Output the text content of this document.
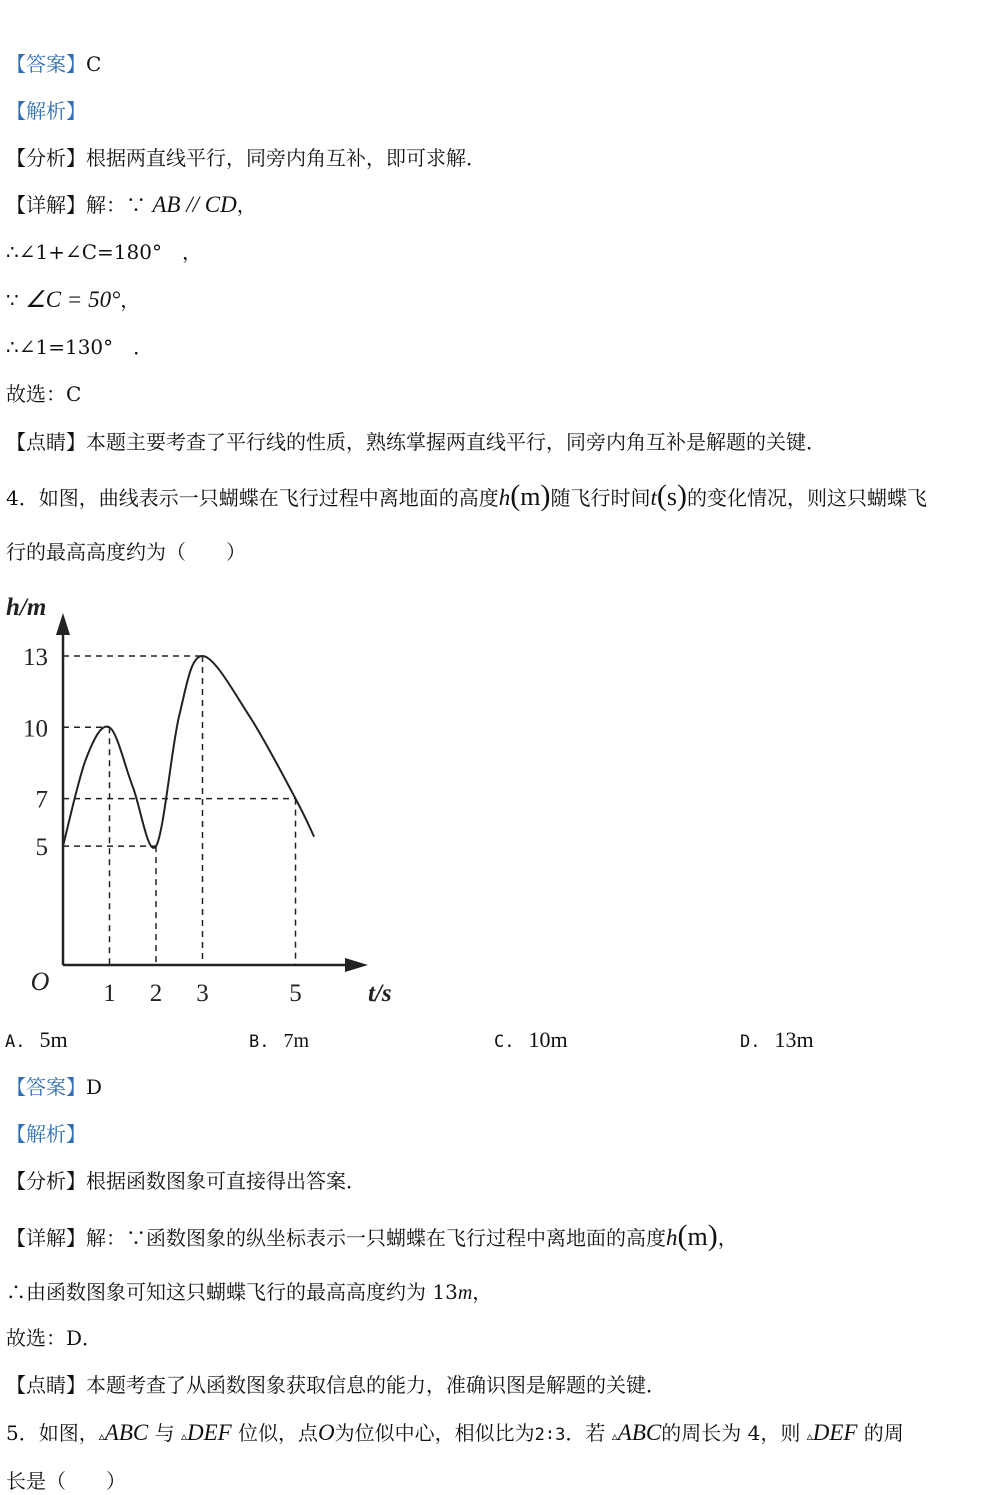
【答案】C
【解析】
【分析】根据两直线平行，同旁内角互补，即可求解．
【详解】解：∵ AB // CD，
∴∠1+∠C=180°　，
∵ ∠C = 50°，
∴∠1=130°　．
故选：C
【点睛】本题主要考查了平行线的性质，熟练掌握两直线平行，同旁内角互补是解题的关键．
4．如图，曲线表示一只蝴蝶在飞行过程中离地面的高度h(m)随飞行时间t(s)的变化情况，则这只蝴蝶飞
行的最高高度约为（　　）
5
7
10
13
1 2 3	5
O
h/m
t/s
A. 5m	B. 7m	C. 10m	D. 13m
【答案】D
【解析】
【分析】根据函数图象可直接得出答案．
【详解】解：∵函数图象的纵坐标表示一只蝴蝶在飞行过程中离地面的高度h(m)，
∴由函数图象可知这只蝴蝶飞行的最高高度约为 13m，
故选：D．
【点睛】本题考查了从函数图象获取信息的能力，准确识图是解题的关键．
5．如图，▵ABC 与 ▵DEF 位似，点O为位似中心，相似比为2∶3．若 ▵ABC的周长为 4，则 ▵DEF 的周
长是（　　）
